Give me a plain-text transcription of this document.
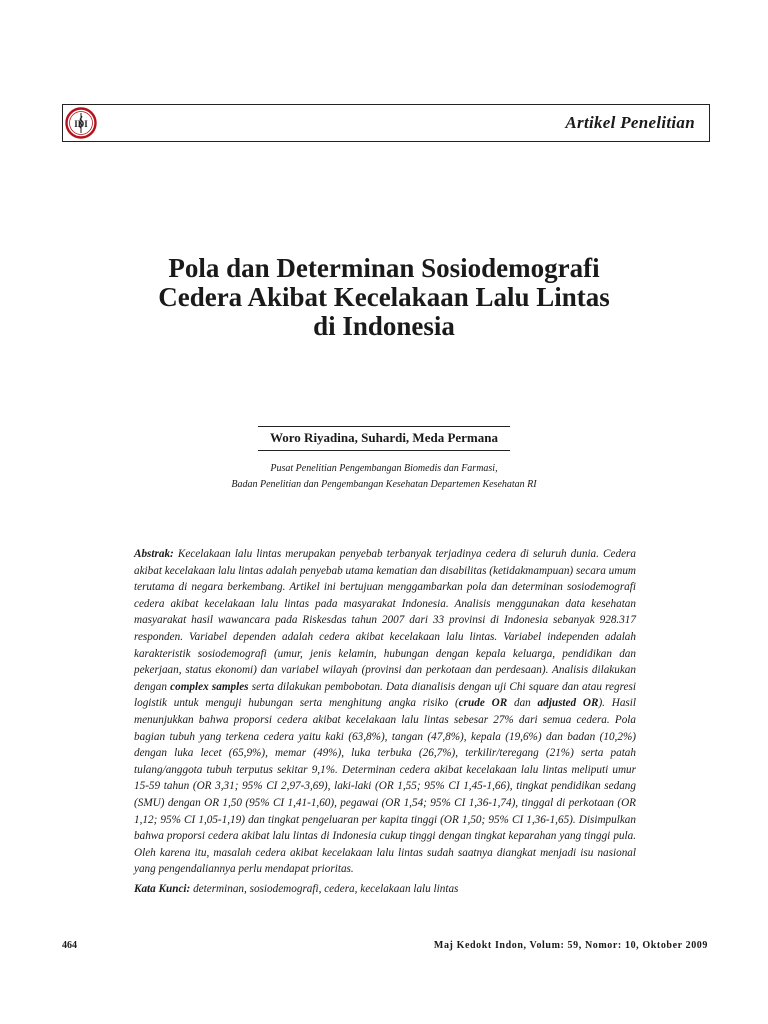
IDI	Artikel Penelitian
Pola dan Determinan Sosiodemografi
Cedera Akibat Kecelakaan Lalu Lintas
di Indonesia
Woro Riyadina, Suhardi, Meda Permana
Pusat Penelitian Pengembangan Biomedis dan Farmasi,
Badan Penelitian dan Pengembangan Kesehatan Departemen Kesehatan RI

Abstrak: Kecelakaan lalu lintas merupakan penyebab terbanyak terjadinya cedera di seluruh dunia. Cedera akibat kecelakaan lalu lintas adalah penyebab utama kematian dan disabilitas (ketidakmampuan) secara umum terutama di negara berkembang. Artikel ini bertujuan menggambarkan pola dan determinan sosiodemografi cedera akibat kecelakaan lalu lintas pada masyarakat Indonesia. Analisis menggunakan data kesehatan masyarakat hasil wawancara pada Riskesdas tahun 2007 dari 33 provinsi di Indonesia sebanyak 928.317 responden. Variabel dependen adalah cedera akibat kecelakaan lalu lintas. Variabel independen adalah karakteristik sosiodemografi (umur, jenis kelamin, hubungan dengan kepala keluarga, pendidikan dan pekerjaan, status ekonomi) dan variabel wilayah (provinsi dan perkotaan dan perdesaan). Analisis dilakukan dengan complex samples serta dilakukan pembobotan. Data dianalisis dengan uji Chi square dan atau regresi logistik untuk menguji hubungan serta menghitung angka risiko (crude OR dan adjusted OR). Hasil menunjukkan bahwa proporsi cedera akibat kecelakaan lalu lintas sebesar 27% dari semua cedera. Pola bagian tubuh yang terkena cedera yaitu kaki (63,8%), tangan (47,8%), kepala (19,6%) dan badan (10,2%) dengan luka lecet (65,9%), memar (49%), luka terbuka (26,7%), terkilir/teregang (21%) serta patah tulang/anggota tubuh terputus sekitar 9,1%. Determinan cedera akibat kecelakaan lalu lintas meliputi umur 15-59 tahun (OR 3,31; 95% CI 2,97-3,69), laki-laki (OR 1,55; 95% CI 1,45-1,66), tingkat pendidikan sedang (SMU) dengan OR 1,50 (95% CI 1,41-1,60), pegawai (OR 1,54; 95% CI 1,36-1,74), tinggal di perkotaan (OR 1,12; 95% CI 1,05-1,19) dan tingkat pengeluaran per kapita tinggi (OR 1,50; 95% CI 1,36-1,65). Disimpulkan bahwa proporsi cedera akibat lalu lintas di Indonesia cukup tinggi dengan tingkat keparahan yang tinggi pula. Oleh karena itu, masalah cedera akibat kecelakaan lalu lintas sudah saatnya diangkat menjadi isu nasional yang pengendaliannya perlu mendapat prioritas.

Kata Kunci: determinan, sosiodemografi, cedera, kecelakaan lalu lintas

464	Maj Kedokt Indon, Volum: 59, Nomor: 10, Oktober 2009
